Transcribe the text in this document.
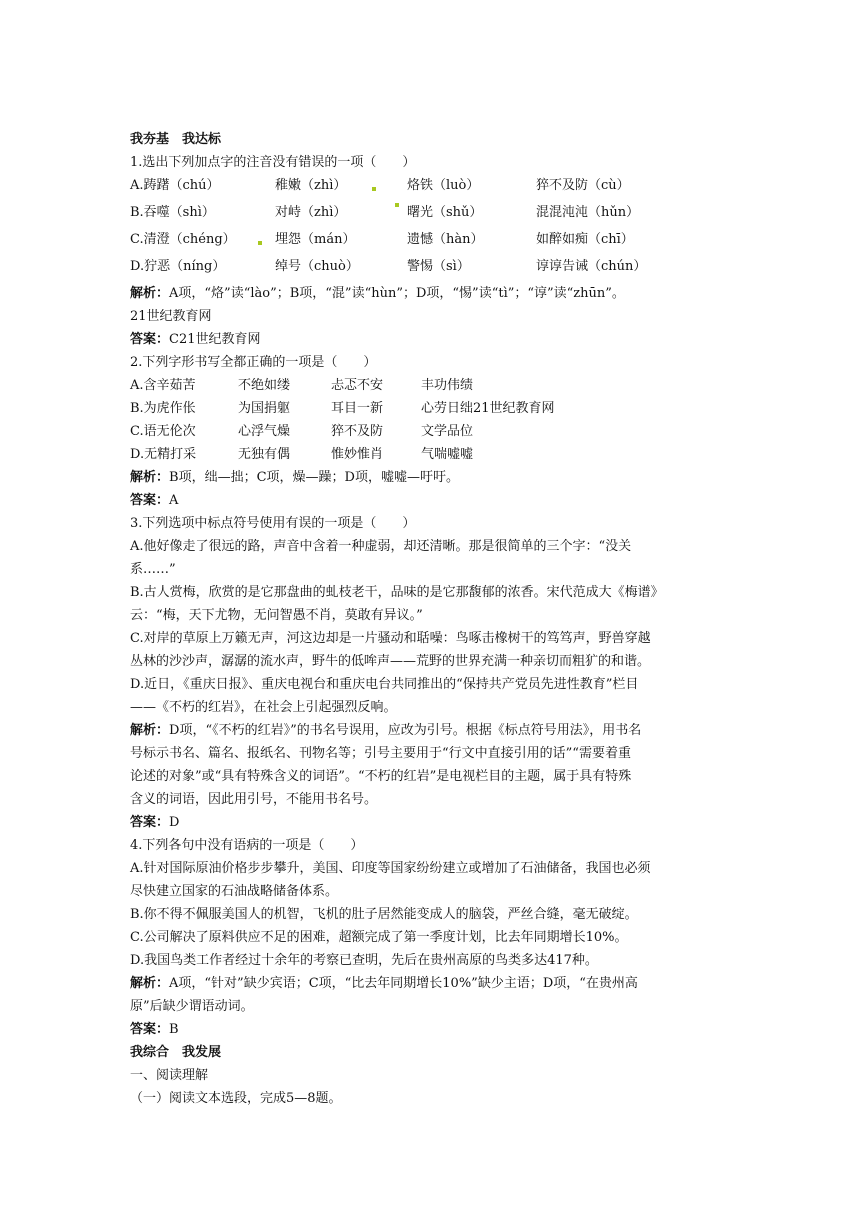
我夯基　我达标
1.选出下列加点字的注音没有错误的一项（　　）
A.踌躇（chú）	稚嫩（zhì）	烙铁（luò）	猝不及防（cù）
B.吞噬（shì）	对峙（zhì）	曙光（shǔ）	混混沌沌（hǔn）
C.清澄（chéng）	埋怨（mán）	遗憾（hàn）	如醉如痴（chī）
D.狞恶（níng）	绰号（chuò）	警惕（sì）	谆谆告诫（chún）
解析：A项，“烙”读“lào”；B项，“混”读“hùn”；D项，“惕”读“tì”；“谆”读“zhūn”。
21世纪教育网
答案：C21世纪教育网
2.下列字形书写全都正确的一项是（　　）
A.含辛茹苦	不绝如缕	忐忑不安	丰功伟绩
B.为虎作伥	为国捐躯	耳目一新	心劳日绌21世纪教育网
C.语无伦次	心浮气燥	猝不及防	文学品位
D.无精打采	无独有偶	惟妙惟肖	气喘嘘嘘
解析：B项，绌—拙；C项，燥—躁；D项，嘘嘘—吁吁。
答案：A
3.下列选项中标点符号使用有误的一项是（　　）
A.他好像走了很远的路，声音中含着一种虚弱，却还清晰。那是很简单的三个字：“没关
系……”
B.古人赏梅，欣赏的是它那盘曲的虬枝老干，品味的是它那馥郁的浓香。宋代范成大《梅谱》
云：“梅，天下尤物，无问智愚不肖，莫敢有异议。”
C.对岸的草原上万籁无声，河这边却是一片骚动和聒噪：鸟啄击橡树干的笃笃声，野兽穿越
丛林的沙沙声，潺潺的流水声，野牛的低哞声——荒野的世界充满一种亲切而粗犷的和谐。
D.近日，《重庆日报》、重庆电视台和重庆电台共同推出的“保持共产党员先进性教育”栏目
——《不朽的红岩》，在社会上引起强烈反响。
解析：D项，“《不朽的红岩》”的书名号误用，应改为引号。根据《标点符号用法》，用书名
号标示书名、篇名、报纸名、刊物名等；引号主要用于“行文中直接引用的话”“需要着重
论述的对象”或“具有特殊含义的词语”。“不朽的红岩”是电视栏目的主题，属于具有特殊
含义的词语，因此用引号，不能用书名号。
答案：D
4.下列各句中没有语病的一项是（　　）
A.针对国际原油价格步步攀升，美国、印度等国家纷纷建立或增加了石油储备，我国也必须
尽快建立国家的石油战略储备体系。
B.你不得不佩服美国人的机智，飞机的肚子居然能变成人的脑袋，严丝合缝，毫无破绽。
C.公司解决了原料供应不足的困难，超额完成了第一季度计划，比去年同期增长10%。
D.我国鸟类工作者经过十余年的考察已查明，先后在贵州高原的鸟类多达417种。
解析：A项，“针对”缺少宾语；C项，“比去年同期增长10%”缺少主语；D项，“在贵州高
原”后缺少谓语动词。
答案：B
我综合　我发展
一、阅读理解
（一）阅读文本选段，完成5—8题。
